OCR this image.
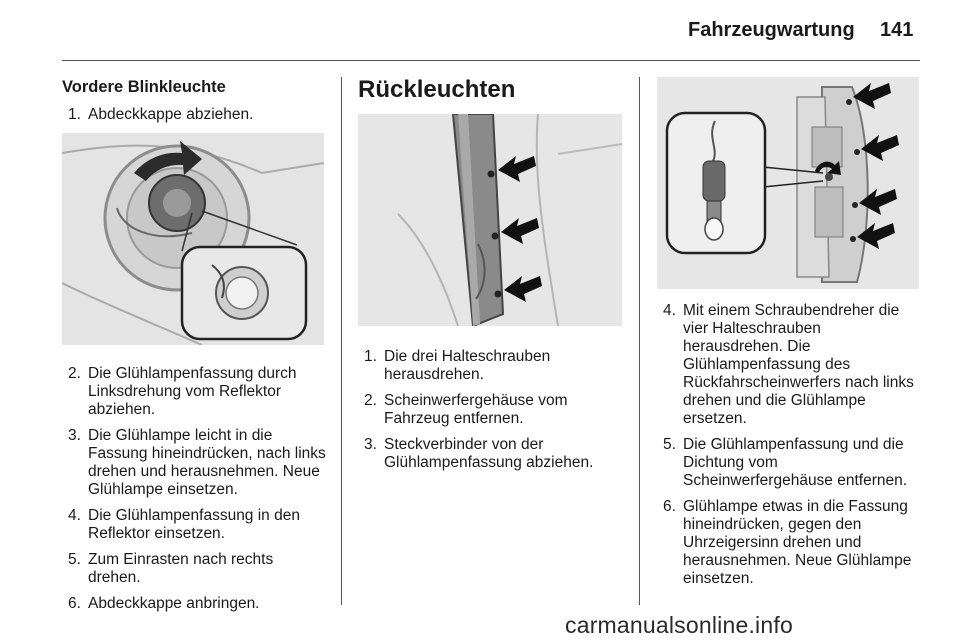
Fahrzeugwartung 141
Vordere Blinkleuchte
1. Abdeckkappe abziehen.
2. Die Glühlampenfassung durch Linksdrehung vom Reflektor abziehen.
3. Die Glühlampe leicht in die Fassung hineindrücken, nach links drehen und herausnehmen. Neue Glühlampe einsetzen.
4. Die Glühlampenfassung in den Reflektor einsetzen.
5. Zum Einrasten nach rechts drehen.
6. Abdeckkappe anbringen.
Rückleuchten
1. Die drei Halteschrauben herausdrehen.
2. Scheinwerfergehäuse vom Fahrzeug entfernen.
3. Steckverbinder von der Glühlampenfassung abziehen.
4. Mit einem Schraubendreher die vier Halteschrauben herausdrehen. Die Glühlampenfassung des Rückfahrscheinwerfers nach links drehen und die Glühlampe ersetzen.
5. Die Glühlampenfassung und die Dichtung vom Scheinwerfergehäuse entfernen.
6. Glühlampe etwas in die Fassung hineindrücken, gegen den Uhrzeigersinn drehen und herausnehmen. Neue Glühlampe einsetzen.
carmanualsonline.info
